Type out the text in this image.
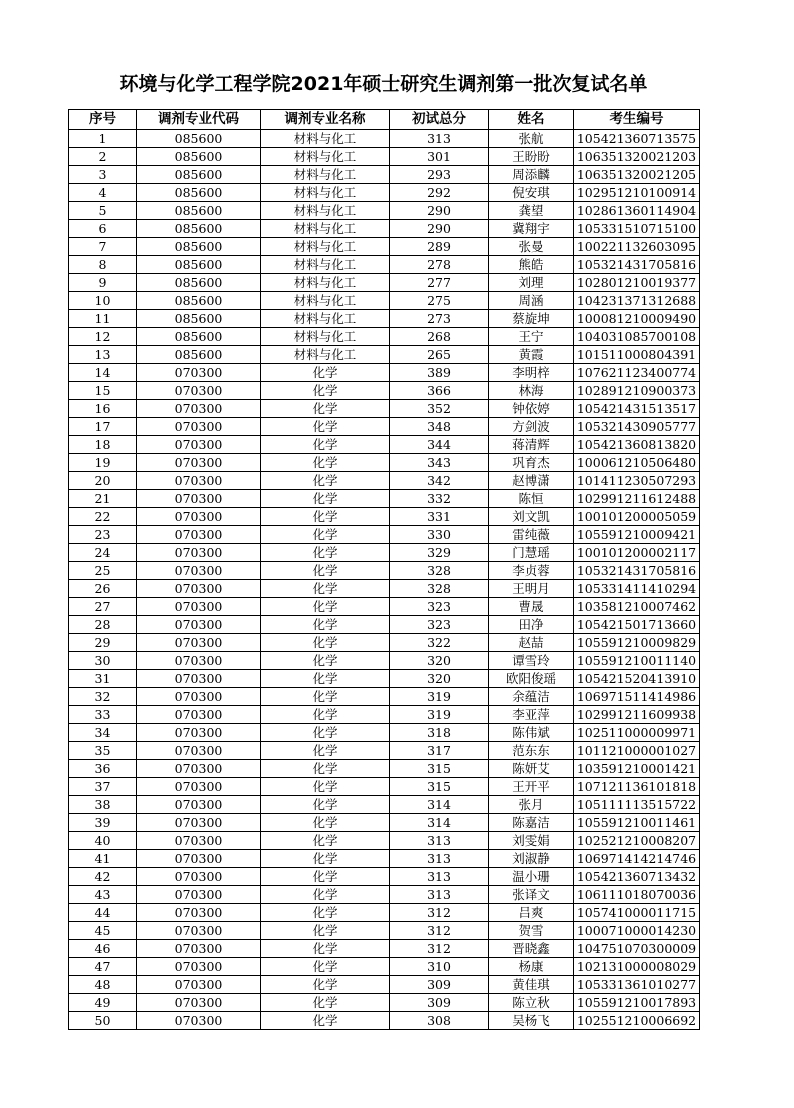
环境与化学工程学院2021年硕士研究生调剂第一批次复试名单
序号	调剂专业代码	调剂专业名称	初试总分	姓名	考生编号
1	085600	材料与化工	313	张航	105421360713575
2	085600	材料与化工	301	王盼盼	106351320021203
3	085600	材料与化工	293	周添麟	106351320021205
4	085600	材料与化工	292	倪安琪	102951210100914
5	085600	材料与化工	290	龚望	102861360114904
6	085600	材料与化工	290	冀翔宇	105331510715100
7	085600	材料与化工	289	张曼	100221132603095
8	085600	材料与化工	278	熊皓	105321431705816
9	085600	材料与化工	277	刘理	102801210019377
10	085600	材料与化工	275	周涵	104231371312688
11	085600	材料与化工	273	蔡旋坤	100081210009490
12	085600	材料与化工	268	王宁	104031085700108
13	085600	材料与化工	265	黄霞	101511000804391
14	070300	化学	389	李明梓	107621123400774
15	070300	化学	366	林海	102891210900373
16	070300	化学	352	钟依婷	105421431513517
17	070300	化学	348	方剑波	105321430905777
18	070300	化学	344	蒋清辉	105421360813820
19	070300	化学	343	巩育杰	100061210506480
20	070300	化学	342	赵博潇	101411230507293
21	070300	化学	332	陈恒	102991211612488
22	070300	化学	331	刘文凯	100101200005059
23	070300	化学	330	雷纯薇	105591210009421
24	070300	化学	329	门慧瑶	100101200002117
25	070300	化学	328	李贞蓉	105321431705816
26	070300	化学	328	王明月	105331411410294
27	070300	化学	323	曹晟	103581210007462
28	070300	化学	323	田净	105421501713660
29	070300	化学	322	赵喆	105591210009829
30	070300	化学	320	谭雪玲	105591210011140
31	070300	化学	320	欧阳俊瑶	105421520413910
32	070300	化学	319	余蕴洁	106971511414986
33	070300	化学	319	李亚萍	102991211609938
34	070300	化学	318	陈伟斌	102511000009971
35	070300	化学	317	范东东	101121000001027
36	070300	化学	315	陈妍艾	103591210001421
37	070300	化学	315	王开平	107121136101818
38	070300	化学	314	张月	105111113515722
39	070300	化学	314	陈嘉洁	105591210011461
40	070300	化学	313	刘雯娟	102521210008207
41	070300	化学	313	刘淑静	106971414214746
42	070300	化学	313	温小珊	105421360713432
43	070300	化学	313	张译文	106111018070036
44	070300	化学	312	吕爽	105741000011715
45	070300	化学	312	贺雪	100071000014230
46	070300	化学	312	晋晓鑫	104751070300009
47	070300	化学	310	杨康	102131000008029
48	070300	化学	309	黄佳琪	105331361010277
49	070300	化学	309	陈立秋	105591210017893
50	070300	化学	308	吴杨飞	102551210006692
